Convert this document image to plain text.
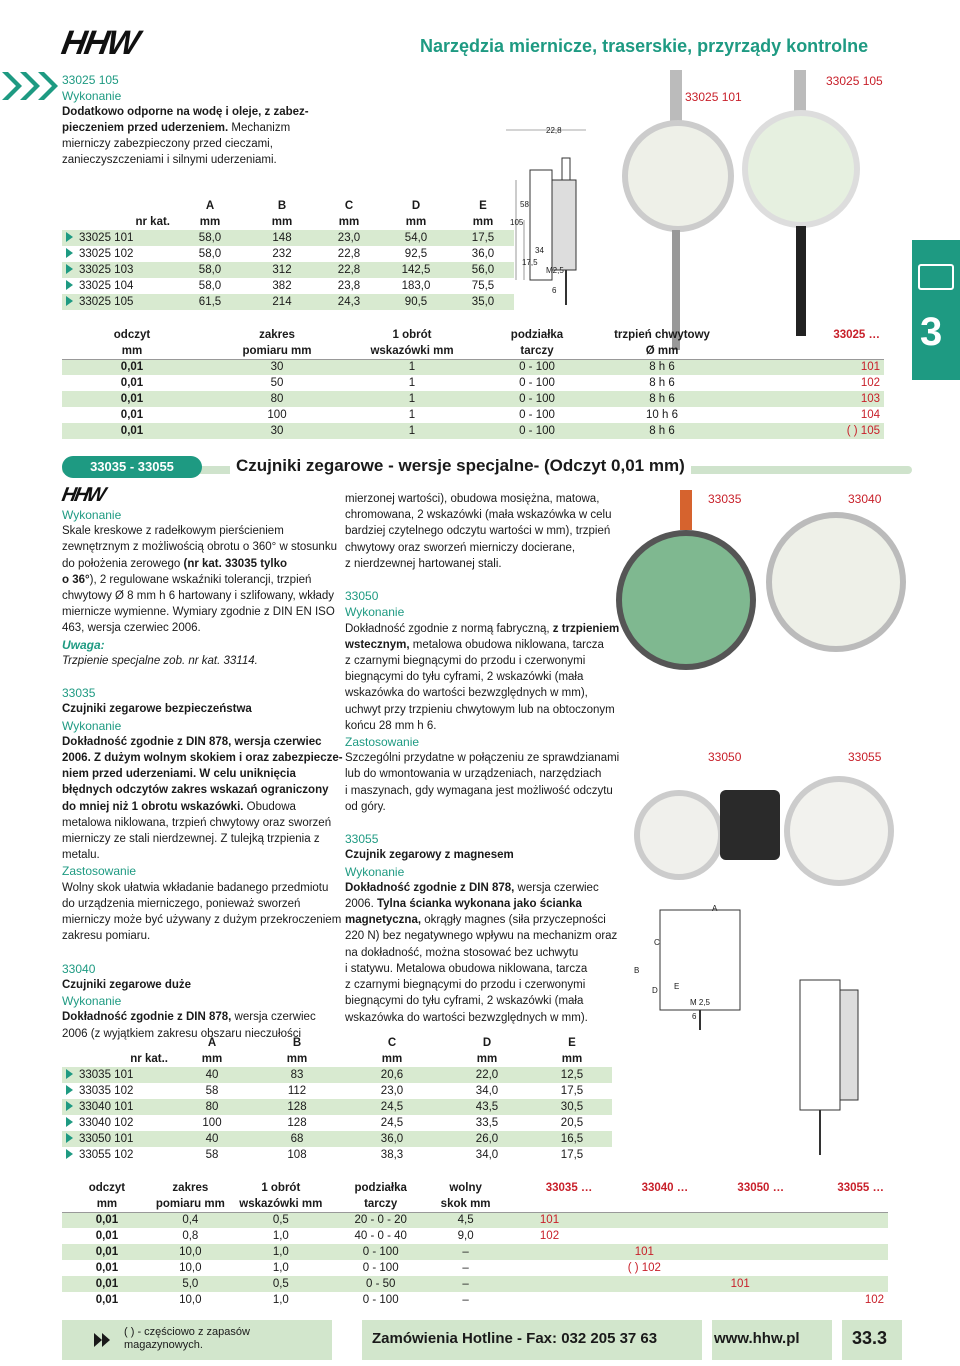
HHW	Narzędzia miernicze, traserskie, przyrządy kontrolne
33025 105
Wykonanie
Dodatkowo odporne na wodę i oleje, z zabez-
pieczeniem przed uderzeniem. Mechanizm
mierniczy zabezpieczony przed cieczami,
zanieczyszczeniami i silnymi uderzeniami.
33025 101
33025 105
22,8
58
105
34
17,5
M2,5
6
	A	B	C	D	E
nr kat.	mm	mm	mm	mm	mm
33025 101	58,0	148	23,0	54,0	17,5
33025 102	58,0	232	22,8	92,5	36,0
33025 103	58,0	312	22,8	142,5	56,0
33025 104	58,0	382	23,8	183,0	75,5
33025 105	61,5	214	24,3	90,5	35,0
odczyt	zakres	1 obrót	podziałka	trzpień chwytowy	33025 …
mm	pomiaru mm	wskazówki mm	tarczy	Ø mm	
0,01	30	1	0 - 100	8 h 6	101
0,01	50	1	0 - 100	8 h 6	102
0,01	80	1	0 - 100	8 h 6	103
0,01	100	1	0 - 100	10 h 6	104
0,01	30	1	0 - 100	8 h 6	( ) 105
3
33035 - 33055	Czujniki zegarowe - wersje specjalne- (Odczyt 0,01 mm)
HHW
Wykonanie
Skale kreskowe z radełkowym pierścieniem
zewnętrznym z możliwością obrotu o 360° w stosunku
do położenia zerowego (nr kat. 33035 tylko
o 36°), 2 regulowane wskaźniki tolerancji, trzpień
chwytowy Ø 8 mm h 6 hartowany i szlifowany, wkłady
miernicze wymienne. Wymiary zgodnie z DIN EN ISO
463, wersja czerwiec 2006.
Uwaga:
Trzpienie specjalne zob. nr kat. 33114.

33035
Czujniki zegarowe bezpieczeństwa
Wykonanie
Dokładność zgodnie z DIN 878, wersja czerwiec
2006. Z dużym wolnym skokiem i oraz zabezpiecze-
niem przed uderzeniami. W celu uniknięcia
błędnych odczytów zakres wskazań ograniczony
do mniej niż 1 obrotu wskazówki. Obudowa
metalowa niklowana, trzpień chwytowy oraz sworzeń
mierniczy ze stali nierdzewnej. Z tulejką trzpienia z
metalu.
Zastosowanie
Wolny skok ułatwia wkładanie badanego przedmiotu
do urządzenia mierniczego, ponieważ sworzeń
mierniczy może być używany z dużym przekroczeniem
zakresu pomiaru.

33040
Czujniki zegarowe duże
Wykonanie
Dokładność zgodnie z DIN 878, wersja czerwiec
2006 (z wyjątkiem zakresu obszaru nieczułości
mierzonej wartości), obudowa mosiężna, matowa,
chromowana, 2 wskazówki (mała wskazówka w celu
bardziej czytelnego odczytu wartości w mm), trzpień
chwytowy oraz sworzeń mierniczy docierane,
z nierdzewnej hartowanej stali.

33050
Wykonanie
Dokładność zgodnie z normą fabryczną, z trzpieniem
wstecznym, metalowa obudowa niklowana, tarcza
z czarnymi biegnącymi do przodu i czerwonymi
biegnącymi do tyłu cyframi, 2 wskazówki (mała
wskazówka do wartości bezwzględnych w mm),
uchwyt przy trzpieniu chwytowym lub na obtoczonym
końcu 28 mm h 6.
Zastosowanie
Szczególni przydatne w połączeniu ze sprawdzianami
lub do wmontowania w urządzeniach, narzędziach
i maszynach, gdy wymagana jest możliwość odczytu
od góry.

33055
Czujnik zegarowy z magnesem
Wykonanie
Dokładność zgodnie z DIN 878, wersja czerwiec
2006. Tylna ścianka wykonana jako ścianka
magnetyczna, okrągły magnes (siła przyczepności
220 N) bez negatywnego wpływu na mechanizm oraz
na dokładność, można stosować bez uchwytu
i statywu. Metalowa obudowa niklowana, tarcza
z czarnymi biegnącymi do przodu i czerwonymi
biegnącymi do tyłu cyframi, 2 wskazówki (mała
wskazówka do wartości bezwzględnych w mm).
33035	33040
33050	33055
A
C
B
D E
M 2,5
6
	A	B	C	D	E
nr kat..	mm	mm	mm	mm	mm
33035 101	40	83	20,6	22,0	12,5
33035 102	58	112	23,0	34,0	17,5
33040 101	80	128	24,5	43,5	30,5
33040 102	100	128	24,5	33,5	20,5
33050 101	40	68	36,0	26,0	16,5
33055 102	58	108	38,3	34,0	17,5
odczyt	zakres	1 obrót	podziałka	wolny	33035 …	33040 …	33050 …	33055 …
mm	pomiaru mm	wskazówki mm	tarczy	skok mm				
0,01	0,4	0,5	20 - 0 - 20	4,5	101			
0,01	0,8	1,0	40 - 0 - 40	9,0	102			
0,01	10,0	1,0	0 - 100	–		101		
0,01	10,0	1,0	0 - 100	–		( ) 102		
0,01	5,0	0,5	0 - 50	–			101	
0,01	10,0	1,0	0 - 100	–				102
( ) - częściowo z zapasów
magazynowych.	Zamówienia Hotline - Fax: 032 205 37 63	www.hhw.pl	33.3
